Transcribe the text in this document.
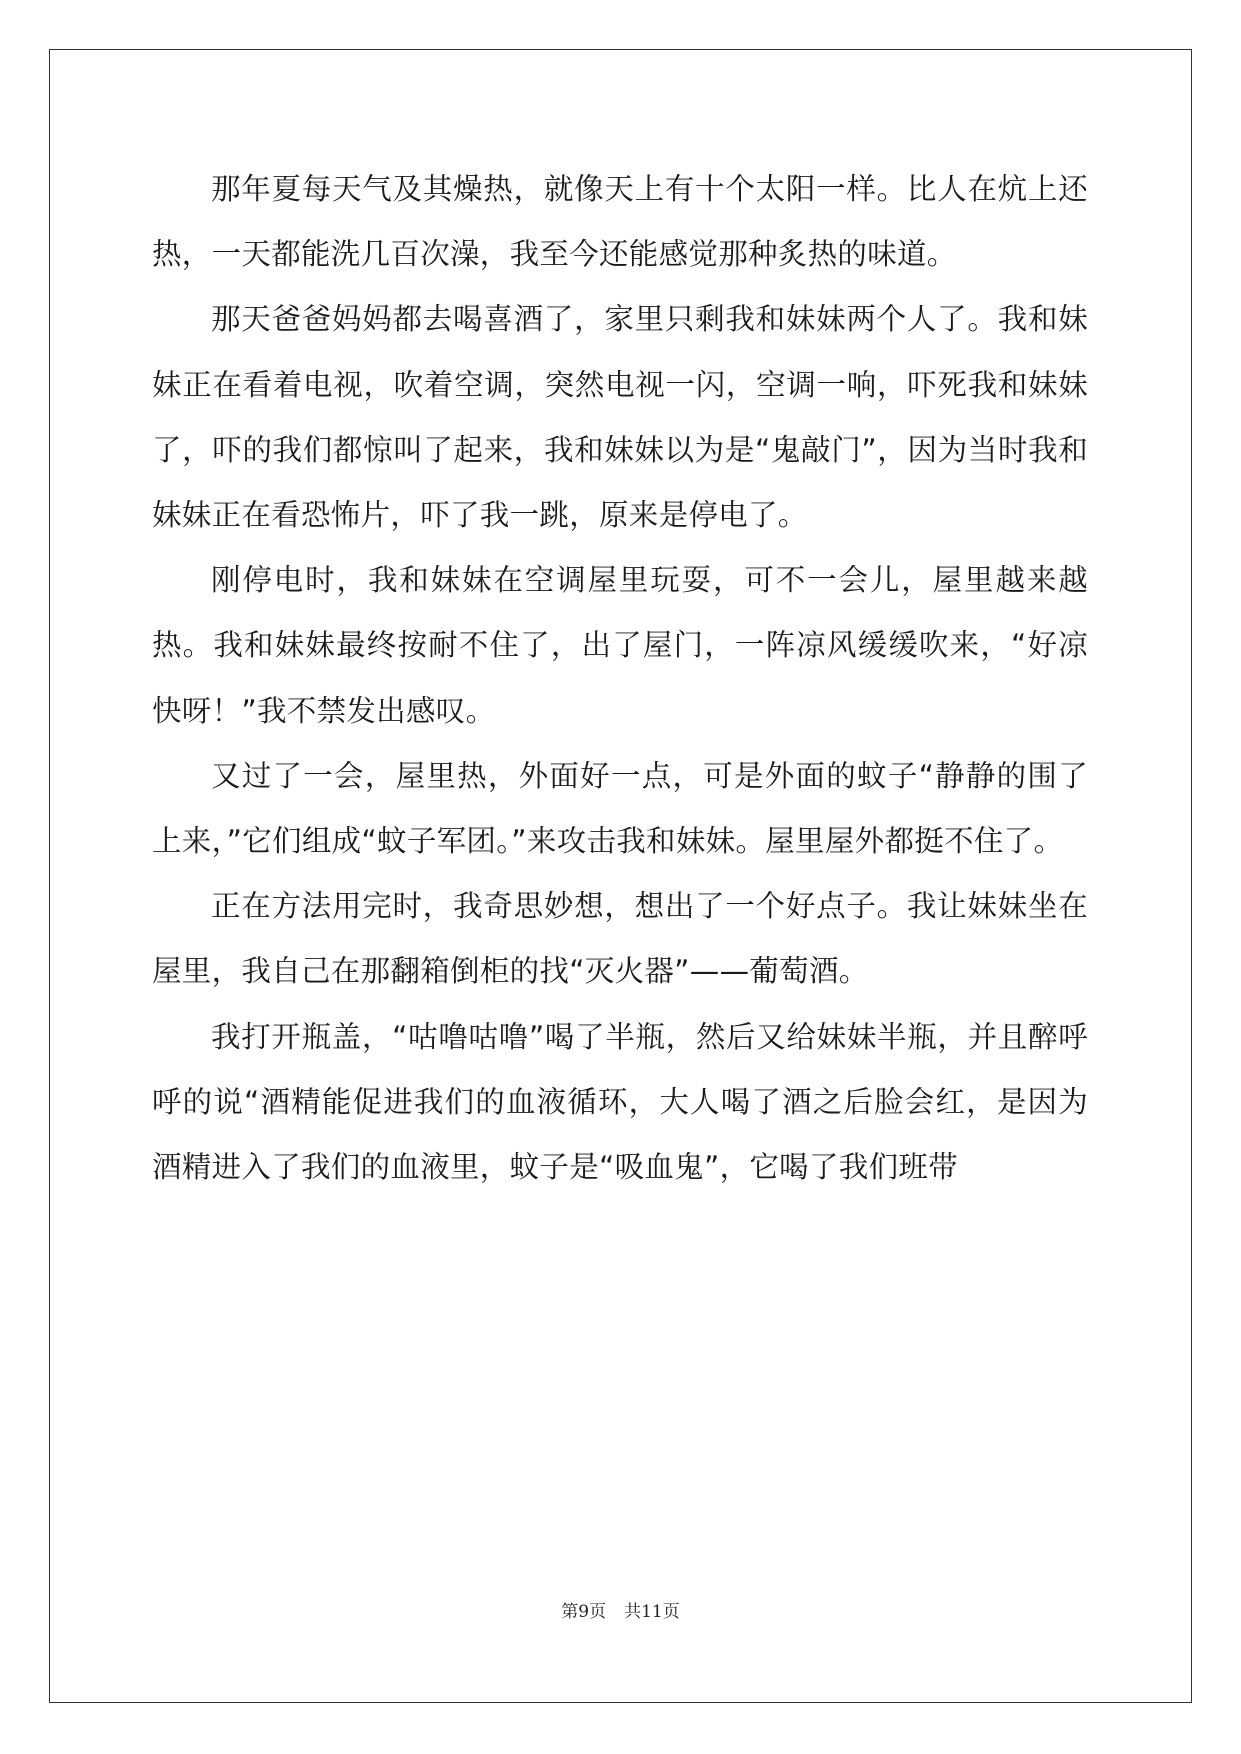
那年夏每天气及其燥热，就像天上有十个太阳一样。比人在炕上还热，一天都能洗几百次澡，我至今还能感觉那种炙热的味道。

那天爸爸妈妈都去喝喜酒了，家里只剩我和妹妹两个人了。我和妹妹正在看着电视，吹着空调，突然电视一闪，空调一响，吓死我和妹妹了，吓的我们都惊叫了起来，我和妹妹以为是“鬼敲门”，因为当时我和妹妹正在看恐怖片，吓了我一跳，原来是停电了。

刚停电时，我和妹妹在空调屋里玩耍，可不一会儿，屋里越来越热。我和妹妹最终按耐不住了，出了屋门，一阵凉风缓缓吹来，“好凉快呀！”我不禁发出感叹。

又过了一会，屋里热，外面好一点，可是外面的蚊子“静静的围了上来，”它们组成“蚊子军团。”来攻击我和妹妹。屋里屋外都挺不住了。

正在方法用完时，我奇思妙想，想出了一个好点子。我让妹妹坐在屋里，我自己在那翻箱倒柜的找“灭火器”——葡萄酒。

我打开瓶盖，“咕噜咕噜”喝了半瓶，然后又给妹妹半瓶，并且醉呼呼的说“酒精能促进我们的血液循环，大人喝了酒之后脸会红，是因为酒精进入了我们的血液里，蚊子是“吸血鬼”，它喝了我们班带

第9页 共11页
